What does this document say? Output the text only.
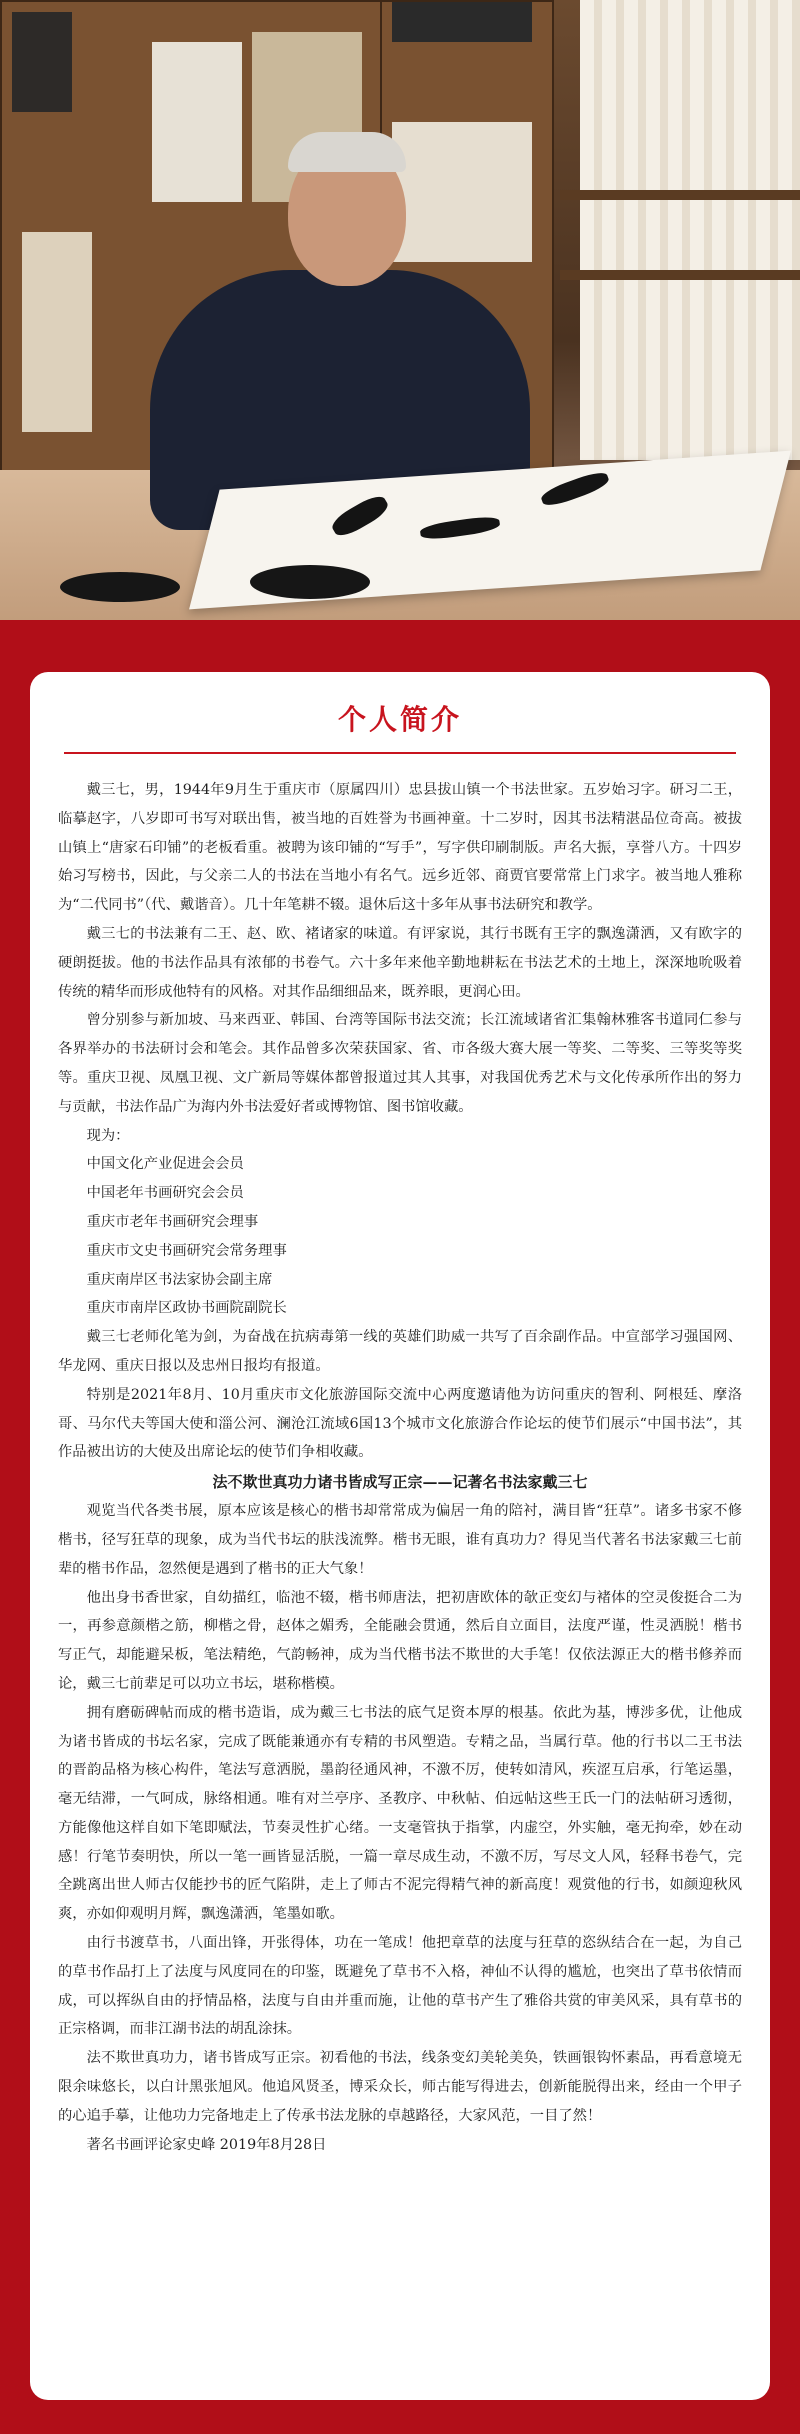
个人简介

戴三七，男，1944年9月生于重庆市（原属四川）忠县拔山镇一个书法世家。五岁始习字。研习二王，临摹赵字，八岁即可书写对联出售，被当地的百姓誉为书画神童。十二岁时，因其书法精湛品位奇高。被拔山镇上“唐家石印铺”的老板看重。被聘为该印铺的“写手”，写字供印刷制版。声名大振，享誉八方。十四岁始习写榜书，因此，与父亲二人的书法在当地小有名气。远乡近邻、商贾官要常常上门求字。被当地人雅称为“二代同书”（代、戴谐音）。几十年笔耕不辍。退休后这十多年从事书法研究和教学。

戴三七的书法兼有二王、赵、欧、褚诸家的味道。有评家说，其行书既有王字的飘逸潇洒，又有欧字的硬朗挺拔。他的书法作品具有浓郁的书卷气。六十多年来他辛勤地耕耘在书法艺术的土地上，深深地吮吸着传统的精华而形成他特有的风格。对其作品细细品来，既养眼，更润心田。

曾分别参与新加坡、马来西亚、韩国、台湾等国际书法交流；长江流域诸省汇集翰林雅客书道同仁参与各界举办的书法研讨会和笔会。其作品曾多次荣获国家、省、市各级大赛大展一等奖、二等奖、三等奖等奖等。重庆卫视、凤凰卫视、文广新局等媒体都曾报道过其人其事，对我国优秀艺术与文化传承所作出的努力与贡献，书法作品广为海内外书法爱好者或博物馆、图书馆收藏。

现为：

中国文化产业促进会会员

中国老年书画研究会会员

重庆市老年书画研究会理事

重庆市文史书画研究会常务理事

重庆南岸区书法家协会副主席

重庆市南岸区政协书画院副院长

戴三七老师化笔为剑，为奋战在抗病毒第一线的英雄们助威一共写了百余副作品。中宣部学习强国网、华龙网、重庆日报以及忠州日报均有报道。

特别是2021年8月、10月重庆市文化旅游国际交流中心两度邀请他为访问重庆的智利、阿根廷、摩洛哥、马尔代夫等国大使和淄公河、澜沧江流域6国13个城市文化旅游合作论坛的使节们展示“中国书法”，其作品被出访的大使及出席论坛的使节们争相收藏。

法不欺世真功力诸书皆成写正宗——记著名书法家戴三七

观览当代各类书展，原本应该是核心的楷书却常常成为偏居一角的陪衬，满目皆“狂草”。诸多书家不修楷书，径写狂草的现象，成为当代书坛的肤浅流弊。楷书无眼，谁有真功力？得见当代著名书法家戴三七前辈的楷书作品，忽然便是遇到了楷书的正大气象！

他出身书香世家，自幼描红，临池不辍，楷书师唐法，把初唐欧体的欹正变幻与褚体的空灵俊挺合二为一，再参意颜楷之筋，柳楷之骨，赵体之媚秀，全能融会贯通，然后自立面目，法度严谨，性灵洒脱！楷书写正气，却能避呆板，笔法精绝，气韵畅神，成为当代楷书法不欺世的大手笔！仅依法源正大的楷书修养而论，戴三七前辈足可以功立书坛，堪称楷模。

拥有磨砺碑帖而成的楷书造诣，成为戴三七书法的底气足资本厚的根基。依此为基，博涉多优，让他成为诸书皆成的书坛名家，完成了既能兼通亦有专精的书风塑造。专精之品，当属行草。他的行书以二王书法的晋韵品格为核心构件，笔法写意洒脱，墨韵径通风神，不激不厉，使转如清风，疾涩互启承，行笔运墨，毫无结滞，一气呵成，脉络相通。唯有对兰亭序、圣教序、中秋帖、伯远帖这些王氏一门的法帖研习透彻，方能像他这样自如下笔即赋法，节奏灵性扩心绪。一支毫管执于指掌，内虚空，外实触，毫无拘牵，妙在动感！行笔节奏明快，所以一笔一画皆显活脱，一篇一章尽成生动，不激不厉，写尽文人风，轻释书卷气，完全跳离出世人师古仅能抄书的匠气陷阱，走上了师古不泥完得精气神的新高度！观赏他的行书，如颜迎秋风爽，亦如仰观明月辉，飘逸潇洒，笔墨如歌。

由行书渡草书，八面出锋，开张得体，功在一笔成！他把章草的法度与狂草的恣纵结合在一起，为自己的草书作品打上了法度与风度同在的印鉴，既避免了草书不入格，神仙不认得的尴尬，也突出了草书依情而成，可以挥纵自由的抒情品格，法度与自由并重而施，让他的草书产生了雅俗共赏的审美风采，具有草书的正宗格调，而非江湖书法的胡乱涂抹。

法不欺世真功力，诸书皆成写正宗。初看他的书法，线条变幻美轮美奂，铁画银钩怀素品，再看意境无限余味悠长，以白计黑张旭风。他追风贤圣，博采众长，师古能写得进去，创新能脱得出来，经由一个甲子的心追手摹，让他功力完备地走上了传承书法龙脉的卓越路径，大家风范，一目了然！

著名书画评论家史峰 2019年8月28日
